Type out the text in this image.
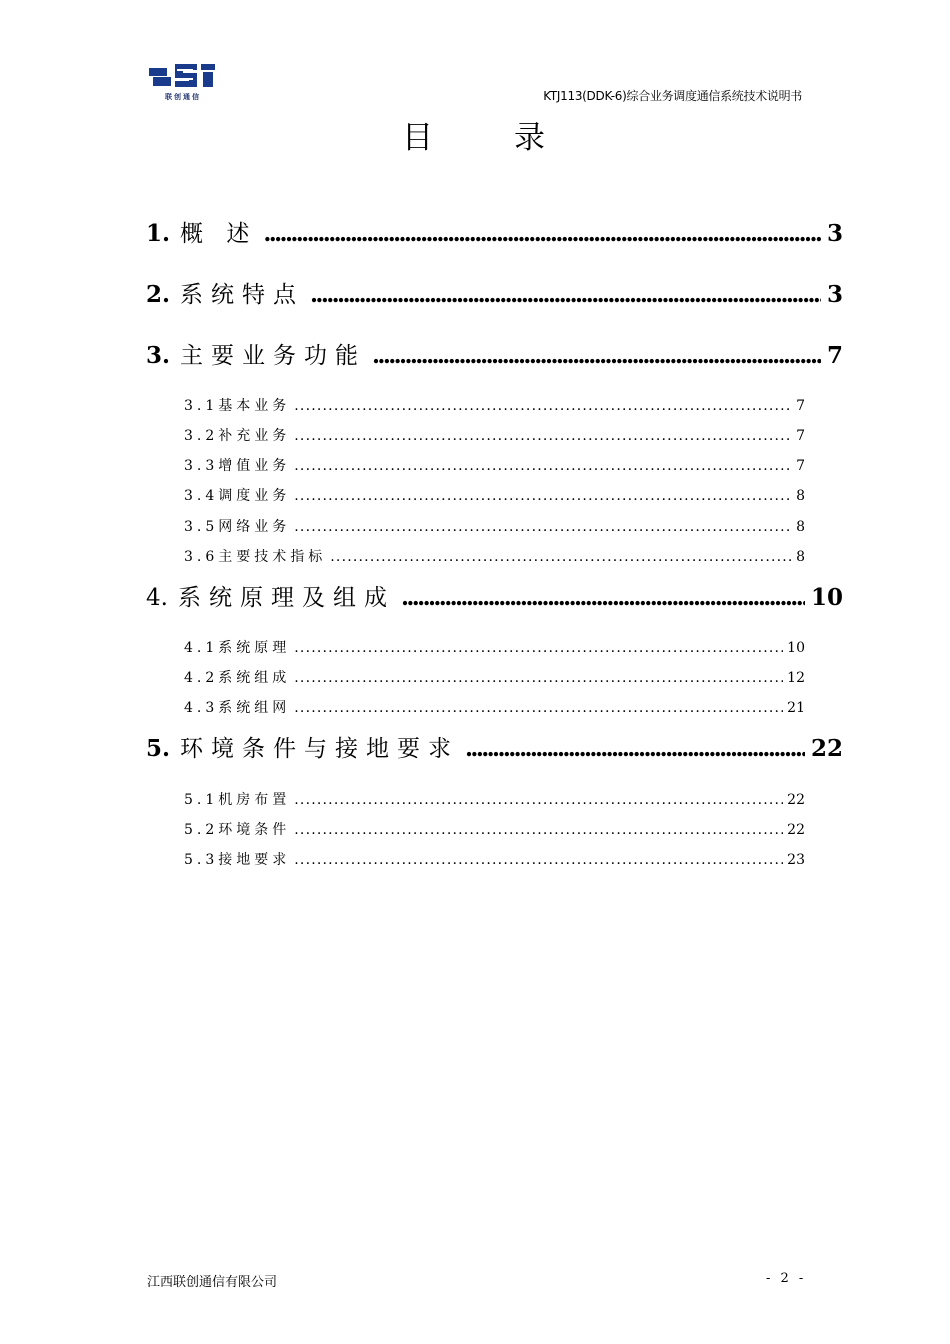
联创通信	KTJ113(DDK-6)综合业务调度通信系统技术说明书
目	录
1. 概 述 .....	3
2. 系统特点 .....	3
3. 主要业务功能 .....	7
3.1基本业务 .....	7
3.2补充业务 .....	7
3.3增值业务 .....	7
3.4调度业务 .....	8
3.5网络业务 .....	8
3.6主要技术指标 .....	8
4. 系统原理及组成 .....	10
4.1系统原理 .....	10
4.2系统组成 .....	12
4.3系统组网 .....	21
5. 环境条件与接地要求 .....	22
5.1机房布置 .....	22
5.2环境条件 .....	22
5.3接地要求 .....	23
江西联创通信有限公司	- 2 -
